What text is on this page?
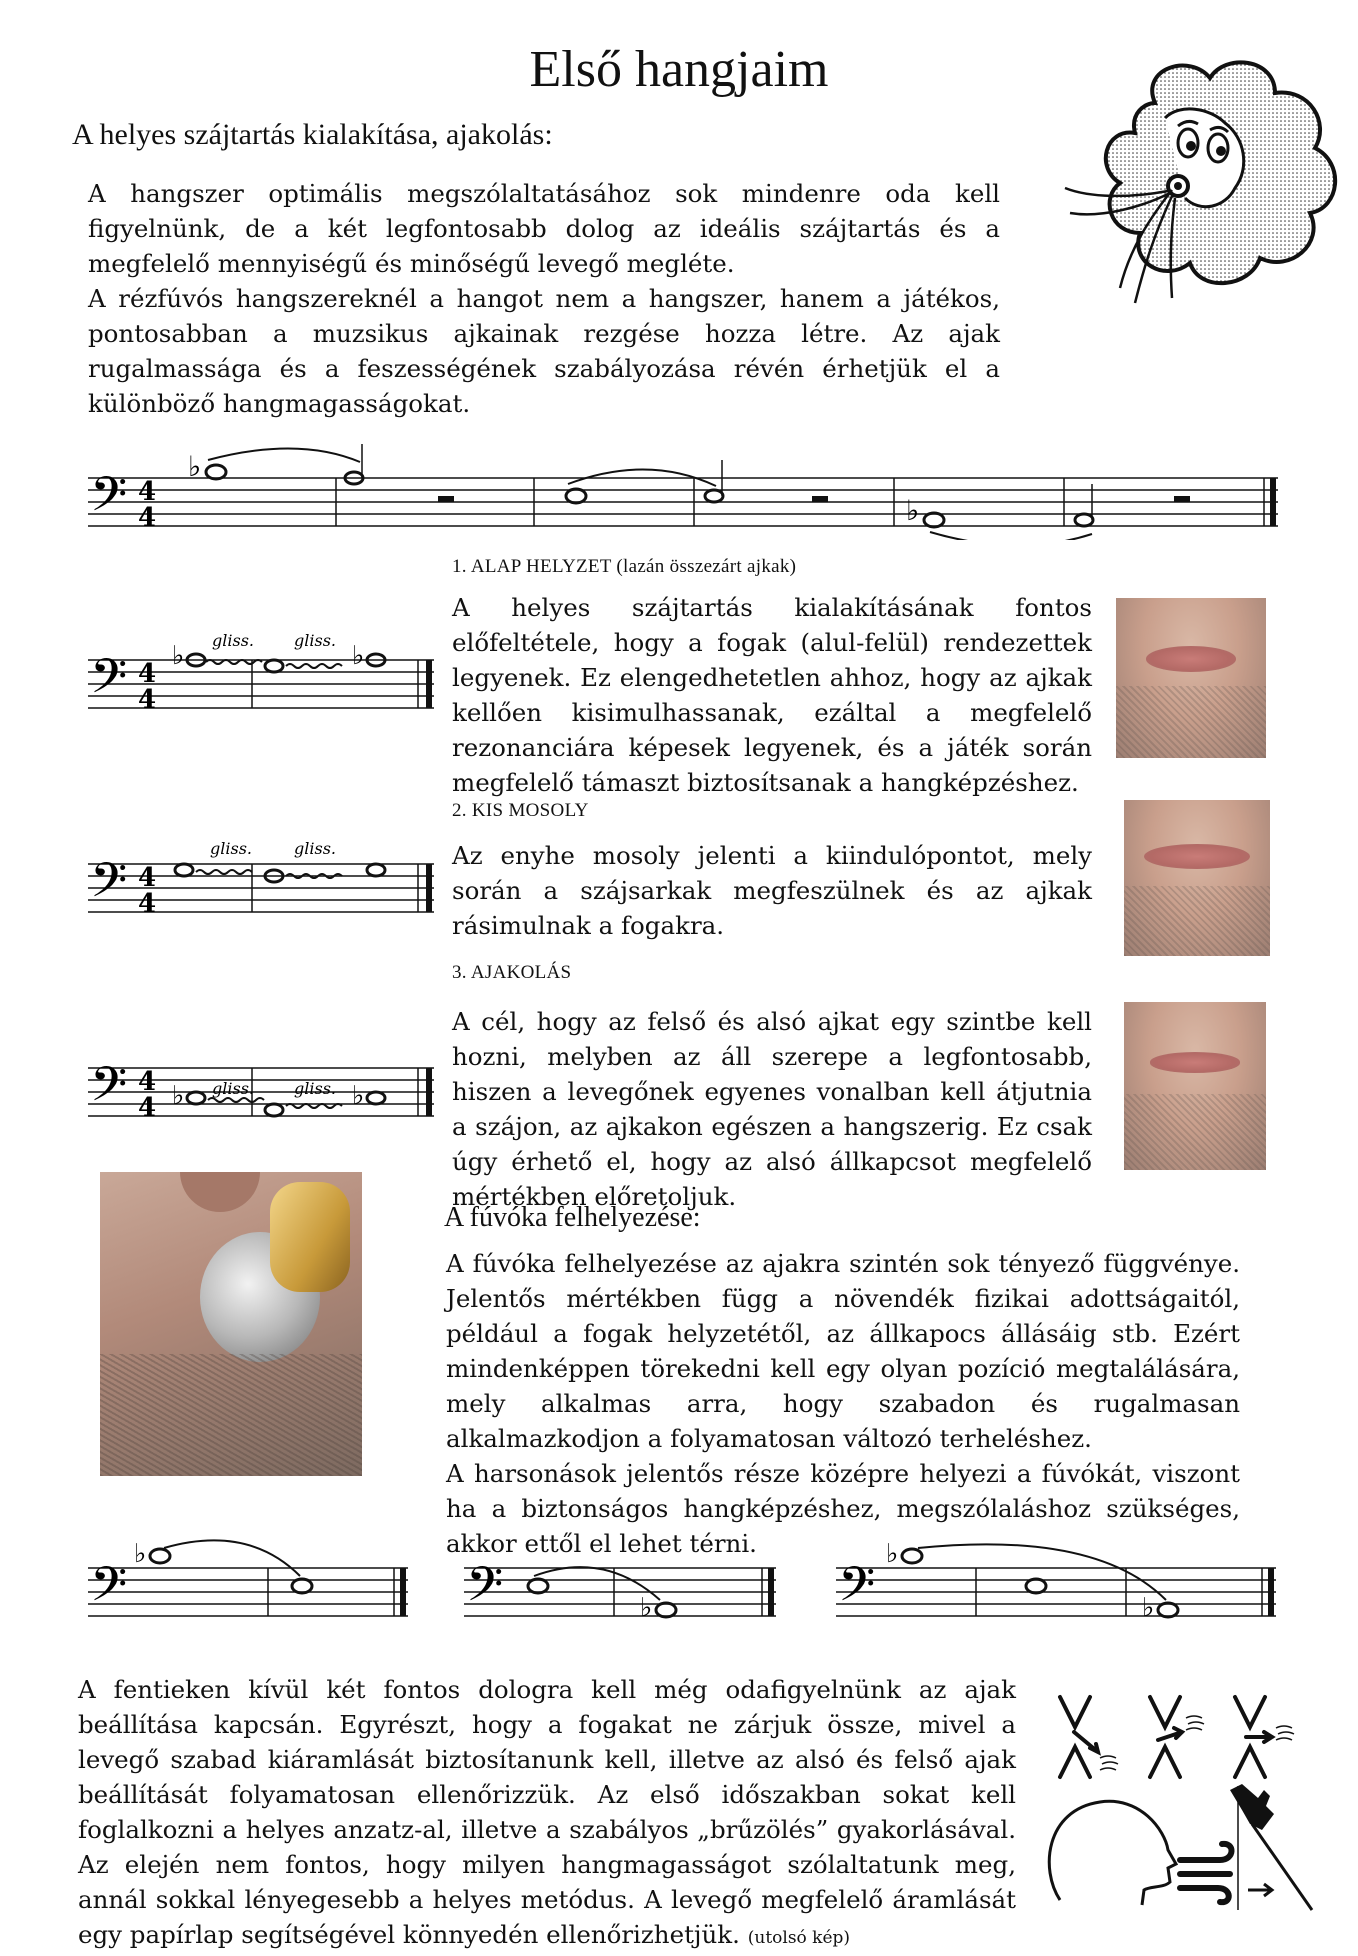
Első hangjaim
A helyes szájtartás kialakítása, ajakolás:

A hangszer optimális megszólaltatásához sok mindenre oda kell figyelnünk, de a két legfontosabb dolog az ideális szájtartás és a megfelelő mennyiségű és minőségű levegő megléte.

A rézfúvós hangszereknél a hangot nem a hangszer, hanem a játékos, pontosabban a muzsikus ajkainak rezgése hozza létre. Az ajak rugalmassága és a feszességének szabályozása révén érhetjük el a különböző hangmagasságokat.

𝄢 4
4
♭
♭
1. ALAP HELYZET (lazán összezárt ajkak)
A helyes szájtartás kialakításának fontos előfeltétele, hogy a fogak (alul-felül) rendezettek legyenek. Ez elengedhetetlen ahhoz, hogy az ajkak kellően kisimulhassanak, ezáltal a megfelelő rezonanciára képesek legyenek, és a játék során megfelelő támaszt biztosítsanak a hangképzéshez.
𝄢 4
4
♭
gliss.	gliss.
♭
2. KIS MOSOLY
Az enyhe mosoly jelenti a kiindulópontot, mely során a szájsarkak megfeszülnek és az ajkak rásimulnak a fogakra.
𝄢 4
4
gliss.	gliss.
3. AJAKOLÁS
A cél, hogy az felső és alsó ajkat egy szintbe kell hozni, melyben az áll szerepe a legfontosabb, hiszen a levegőnek egyenes vonalban kell átjutnia a szájon, az ajkakon egészen a hangszerig. Ez csak úgy érhető el, hogy az alsó állkapcsot megfelelő mértékben előretoljuk.
𝄢 4
4 ♭ gliss.	gliss. ♭
A fúvóka felhelyezése:

A fúvóka felhelyezése az ajakra szintén sok tényező függvénye. Jelentős mértékben függ a növendék fizikai adottságaitól, például a fogak helyzetétől, az állkapocs állásáig stb. Ezért mindenképpen törekedni kell egy olyan pozíció megtalálására, mely alkalmas arra, hogy szabadon és rugalmasan alkalmazkodjon a folyamatosan változó terheléshez.

A harsonások jelentős része középre helyezi a fúvókát, viszont ha a biztonságos hangképzéshez, megszólaláshoz szükséges, akkor ettől el lehet térni.

𝄢
♭
𝄢	♭	𝄢
♭
♭
A fentieken kívül két fontos dologra kell még odafigyelnünk az ajak beállítása kapcsán. Egyrészt, hogy a fogakat ne zárjuk össze, mivel a levegő szabad kiáramlását biztosítanunk kell, illetve az alsó és felső ajak beállítását folyamatosan ellenőrizzük. Az első időszakban sokat kell foglalkozni a helyes anzatz-al, illetve a szabályos „brűzölés” gyakorlásával. Az elején nem fontos, hogy milyen hangmagasságot szólaltatunk meg, annál sokkal lényegesebb a helyes metódus. A levegő megfelelő áramlását egy papírlap segítségével könnyedén ellenőrizhetjük. (utolsó kép)
